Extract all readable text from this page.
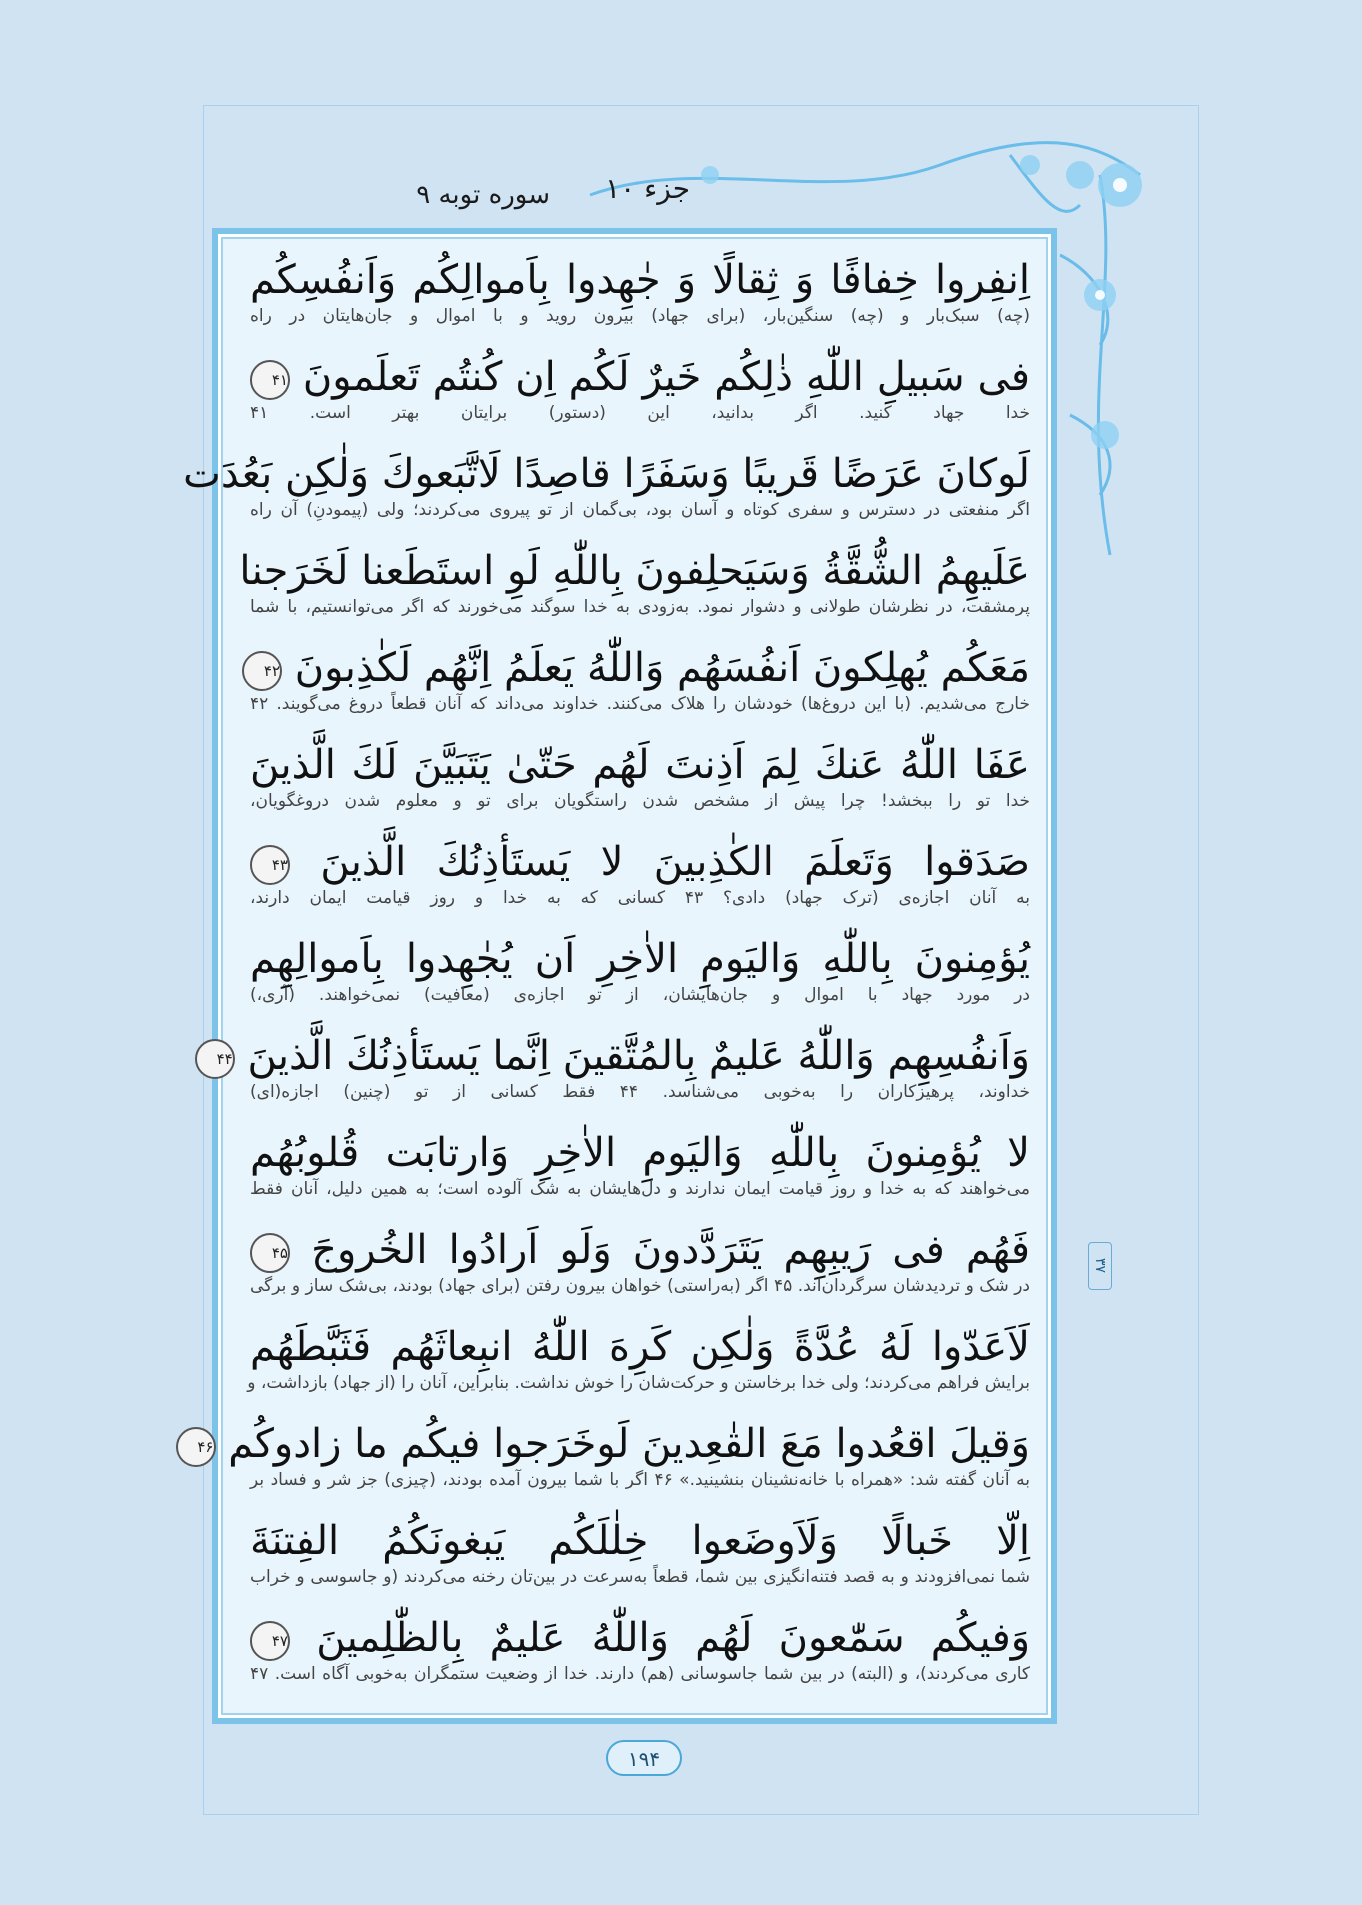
جزء ۱۰
سوره توبه ۹
اِنفِروا خِفافًا وَ ثِقالًا وَ جٰهِدوا بِاَموالِكُم وَاَنفُسِكُم
(چه) سبک‌بار و (چه) سنگین‌بار، (برای جهاد) بیرون روید و با اموال و جان‌هایتان در راه
فى سَبيلِ اللّٰهِ ذٰلِكُم خَيرٌ لَكُم اِن كُنتُم تَعلَمونَ ۴۱
خدا جهاد کنید. اگر بدانید، این (دستور) برایتان بهتر است. ۴۱
لَوكانَ عَرَضًا قَريبًا وَسَفَرًا قاصِدًا لَاتَّبَعوكَ وَلٰكِن بَعُدَت
اگر منفعتی در دسترس و سفری کوتاه و آسان بود، بی‌گمان از تو پیروی می‌کردند؛ ولی (پیمودنِ) آن راه
عَلَيهِمُ الشُّقَّةُ وَسَيَحلِفونَ بِاللّٰهِ لَوِ استَطَعنا لَخَرَجنا
پرمشقت، در نظرشان طولانی و دشوار نمود. به‌زودی به خدا سوگند می‌خورند که اگر می‌توانستیم، با شما
مَعَكُم يُهلِكونَ اَنفُسَهُم وَاللّٰهُ يَعلَمُ اِنَّهُم لَكٰذِبونَ ۴۲
خارج می‌شدیم. (با این دروغ‌ها) خودشان را هلاک می‌کنند. خداوند می‌داند که آنان قطعاً دروغ می‌گویند. ۴۲
عَفَا اللّٰهُ عَنكَ لِمَ اَذِنتَ لَهُم حَتّىٰ يَتَبَيَّنَ لَكَ الَّذينَ
خدا تو را ببخشد! چرا پیش از مشخص شدن راستگویان برای تو و معلوم شدن دروغگویان،
صَدَقوا وَتَعلَمَ الكٰذِبينَ لا يَستَأذِنُكَ الَّذينَ ۴۳
به آنان اجازه‌ی (ترک جهاد) دادی؟ ۴۳ کسانی که به خدا و روز قیامت ایمان دارند،
يُؤمِنونَ بِاللّٰهِ وَاليَومِ الاٰخِرِ اَن يُجٰهِدوا بِاَموالِهِم
در مورد جهاد با اموال و جان‌هایشان، از تو اجازه‌ی (معافیت) نمی‌خواهند. (آری،)
وَاَنفُسِهِم وَاللّٰهُ عَليمٌ بِالمُتَّقينَ اِنَّما يَستَأذِنُكَ الَّذينَ ۴۴
خداوند، پرهیزکاران را به‌خوبی می‌شناسد. ۴۴ فقط کسانی از تو (چنین) اجازه(ای)
لا يُؤمِنونَ بِاللّٰهِ وَاليَومِ الاٰخِرِ وَارتابَت قُلوبُهُم
می‌خواهند که به خدا و روز قیامت ایمان ندارند و دل‌هایشان به شک آلوده است؛ به همین دلیل، آنان فقط
فَهُم فى رَيبِهِم يَتَرَدَّدونَ وَلَو اَرادُوا الخُروجَ ۴۵
در شک و تردیدشان سرگردان‌اند. ۴۵ اگر (به‌راستی) خواهان بیرون رفتن (برای جهاد) بودند، بی‌شک ساز و برگی
لَاَعَدّوا لَهُ عُدَّةً وَلٰكِن كَرِهَ اللّٰهُ انبِعاثَهُم فَثَبَّطَهُم
برایش فراهم می‌کردند؛ ولی خدا برخاستن و حرکت‌شان را خوش نداشت. بنابراین، آنان را (از جهاد) بازداشت، و
وَقيلَ اقعُدوا مَعَ القٰعِدينَ لَوخَرَجوا فيكُم ما زادوكُم ۴۶
به آنان گفته شد: «همراه با خانه‌نشینان بنشینید.» ۴۶ اگر با شما بیرون آمده بودند، (چیزی) جز شر و فساد بر
اِلّا خَبالًا وَلَاَوضَعوا خِلٰلَكُم يَبغونَكُمُ الفِتنَةَ
شما نمی‌افزودند و به قصد فتنه‌انگیزی بین شما، قطعاً به‌سرعت در بین‌تان رخنه می‌کردند (و جاسوسی و خراب
وَفيكُم سَمّٰعونَ لَهُم وَاللّٰهُ عَليمٌ بِالظّٰلِمينَ ۴۷
کاری می‌کردند)، و (البته) در بین شما جاسوسانی (هم) دارند. خدا از وضعیت ستمگران به‌خوبی آگاه است. ۴۷
۳۷
۱۹۴
